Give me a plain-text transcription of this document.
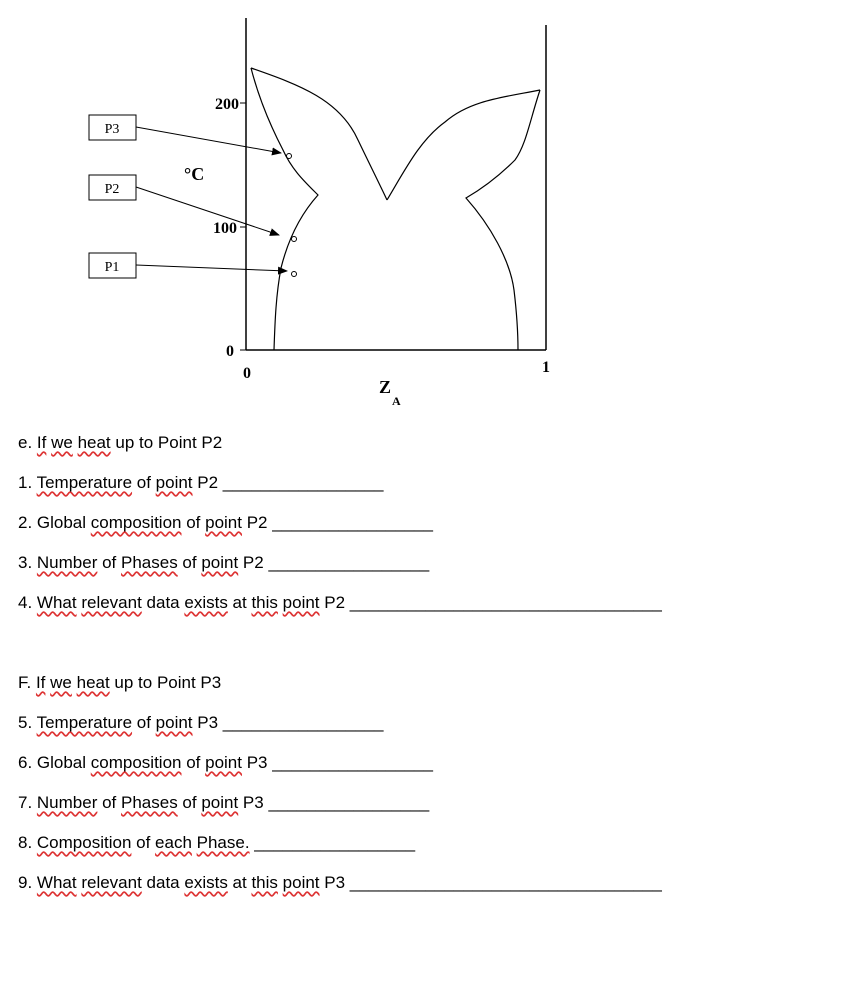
200
100
0
°C
0	1
Z
A
P3
P2
P1
e. If we heat up to Point P2
1. Temperature of point P2 _________________
2. Global composition of point P2 _________________
3. Number of Phases of point P2 _________________
4. What relevant data exists at this point P2 _________________________________
F. If we heat up to Point P3
5. Temperature of point P3 _________________
6. Global composition of point P3 _________________
7. Number of Phases of point P3 _________________
8. Composition of each Phase. _________________
9. What relevant data exists at this point P3 _________________________________
